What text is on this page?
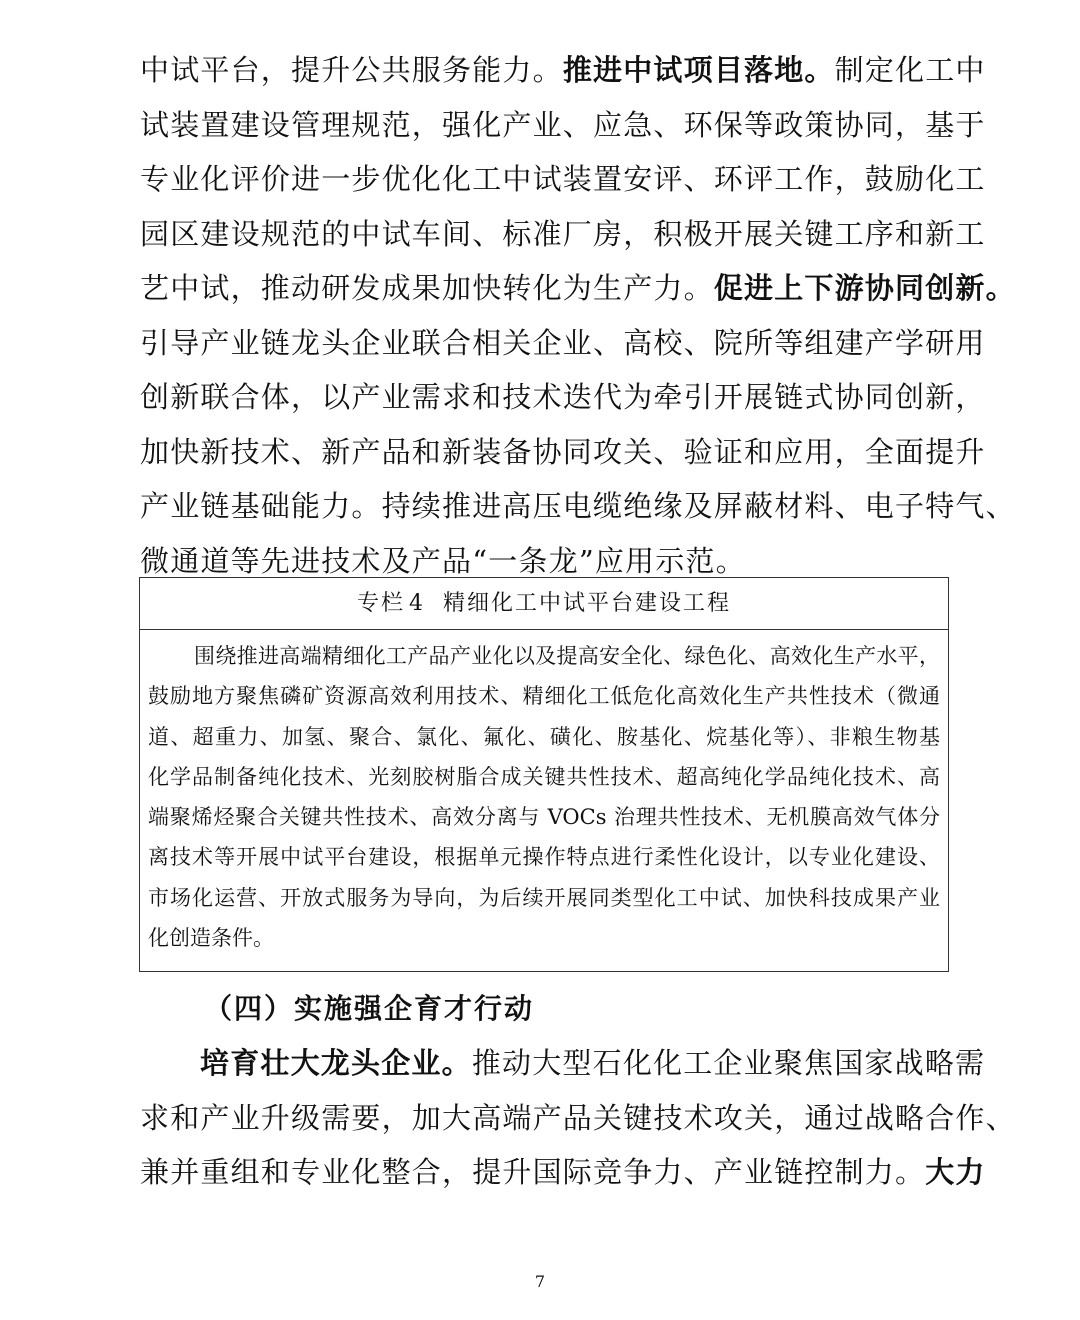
中试平台，提升公共服务能力。推进中试项目落地。制定化工中
试装置建设管理规范，强化产业、应急、环保等政策协同，基于
专业化评价进一步优化化工中试装置安评、环评工作，鼓励化工
园区建设规范的中试车间、标准厂房，积极开展关键工序和新工
艺中试，推动研发成果加快转化为生产力。促进上下游协同创新。
引导产业链龙头企业联合相关企业、高校、院所等组建产学研用
创新联合体，以产业需求和技术迭代为牵引开展链式协同创新，
加快新技术、新产品和新装备协同攻关、验证和应用，全面提升
产业链基础能力。持续推进高压电缆绝缘及屏蔽材料、电子特气、
微通道等先进技术及产品“一条龙”应用示范。
专栏 4 精细化工中试平台建设工程
围绕推进高端精细化工产品产业化以及提高安全化、绿色化、高效化生产水平，
鼓励地方聚焦磷矿资源高效利用技术、精细化工低危化高效化生产共性技术（微通
道、超重力、加氢、聚合、氯化、氟化、磺化、胺基化、烷基化等）、非粮生物基
化学品制备纯化技术、光刻胶树脂合成关键共性技术、超高纯化学品纯化技术、高
端聚烯烃聚合关键共性技术、高效分离与 VOCs 治理共性技术、无机膜高效气体分
离技术等开展中试平台建设，根据单元操作特点进行柔性化设计，以专业化建设、
市场化运营、开放式服务为导向，为后续开展同类型化工中试、加快科技成果产业
化创造条件。
（四）实施强企育才行动
培育壮大龙头企业。推动大型石化化工企业聚焦国家战略需
求和产业升级需要，加大高端产品关键技术攻关，通过战略合作、
兼并重组和专业化整合，提升国际竞争力、产业链控制力。大力
7
